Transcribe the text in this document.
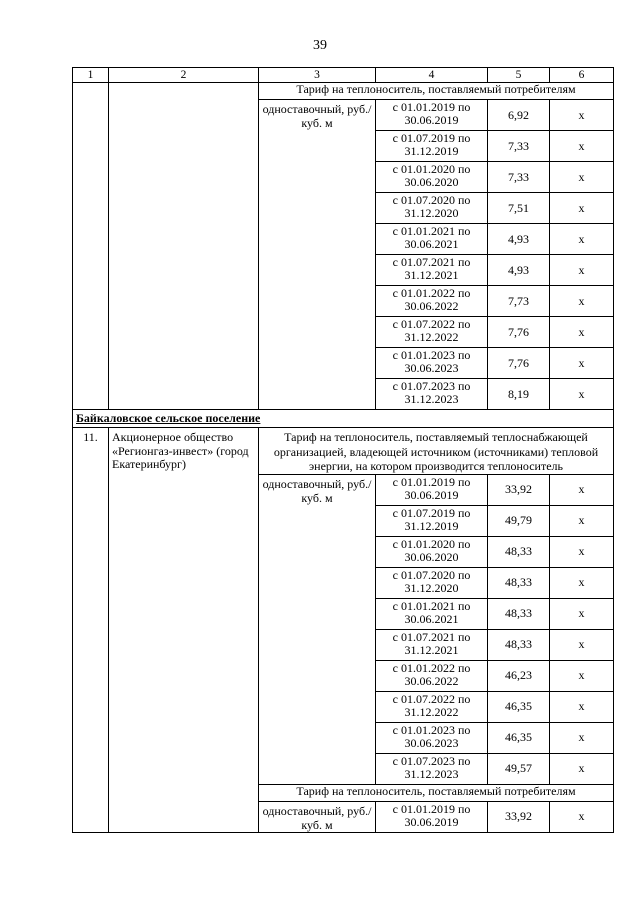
39
1	2	3	4	5	6
		Тариф на теплоноситель, поставляемый потребителям			
		одноставочный, руб./куб. м	с 01.01.2019 по 30.06.2019	6,92	x
			с 01.07.2019 по 31.12.2019	7,33	x
			с 01.01.2020 по 30.06.2020	7,33	x
			с 01.07.2020 по 31.12.2020	7,51	x
			с 01.01.2021 по 30.06.2021	4,93	x
			с 01.07.2021 по 31.12.2021	4,93	x
			с 01.01.2022 по 30.06.2022	7,73	x
			с 01.07.2022 по 31.12.2022	7,76	x
			с 01.01.2023 по 30.06.2023	7,76	x
			с 01.07.2023 по 31.12.2023	8,19	x
Байкаловское сельское поселение					
11.	Акционерное общество «Регионгаз-инвест» (город Екатеринбург)	Тариф на теплоноситель, поставляемый теплоснабжающей организацией, владеющей источником (источниками) тепловой энергии, на котором производится теплоноситель			
		одноставочный, руб./куб. м	с 01.01.2019 по 30.06.2019	33,92	x
			с 01.07.2019 по 31.12.2019	49,79	x
			с 01.01.2020 по 30.06.2020	48,33	x
			с 01.07.2020 по 31.12.2020	48,33	x
			с 01.01.2021 по 30.06.2021	48,33	x
			с 01.07.2021 по 31.12.2021	48,33	x
			с 01.01.2022 по 30.06.2022	46,23	x
			с 01.07.2022 по 31.12.2022	46,35	x
			с 01.01.2023 по 30.06.2023	46,35	x
			с 01.07.2023 по 31.12.2023	49,57	x
		Тариф на теплоноситель, поставляемый потребителям			
		одноставочный, руб./куб. м	с 01.01.2019 по 30.06.2019	33,92	x
